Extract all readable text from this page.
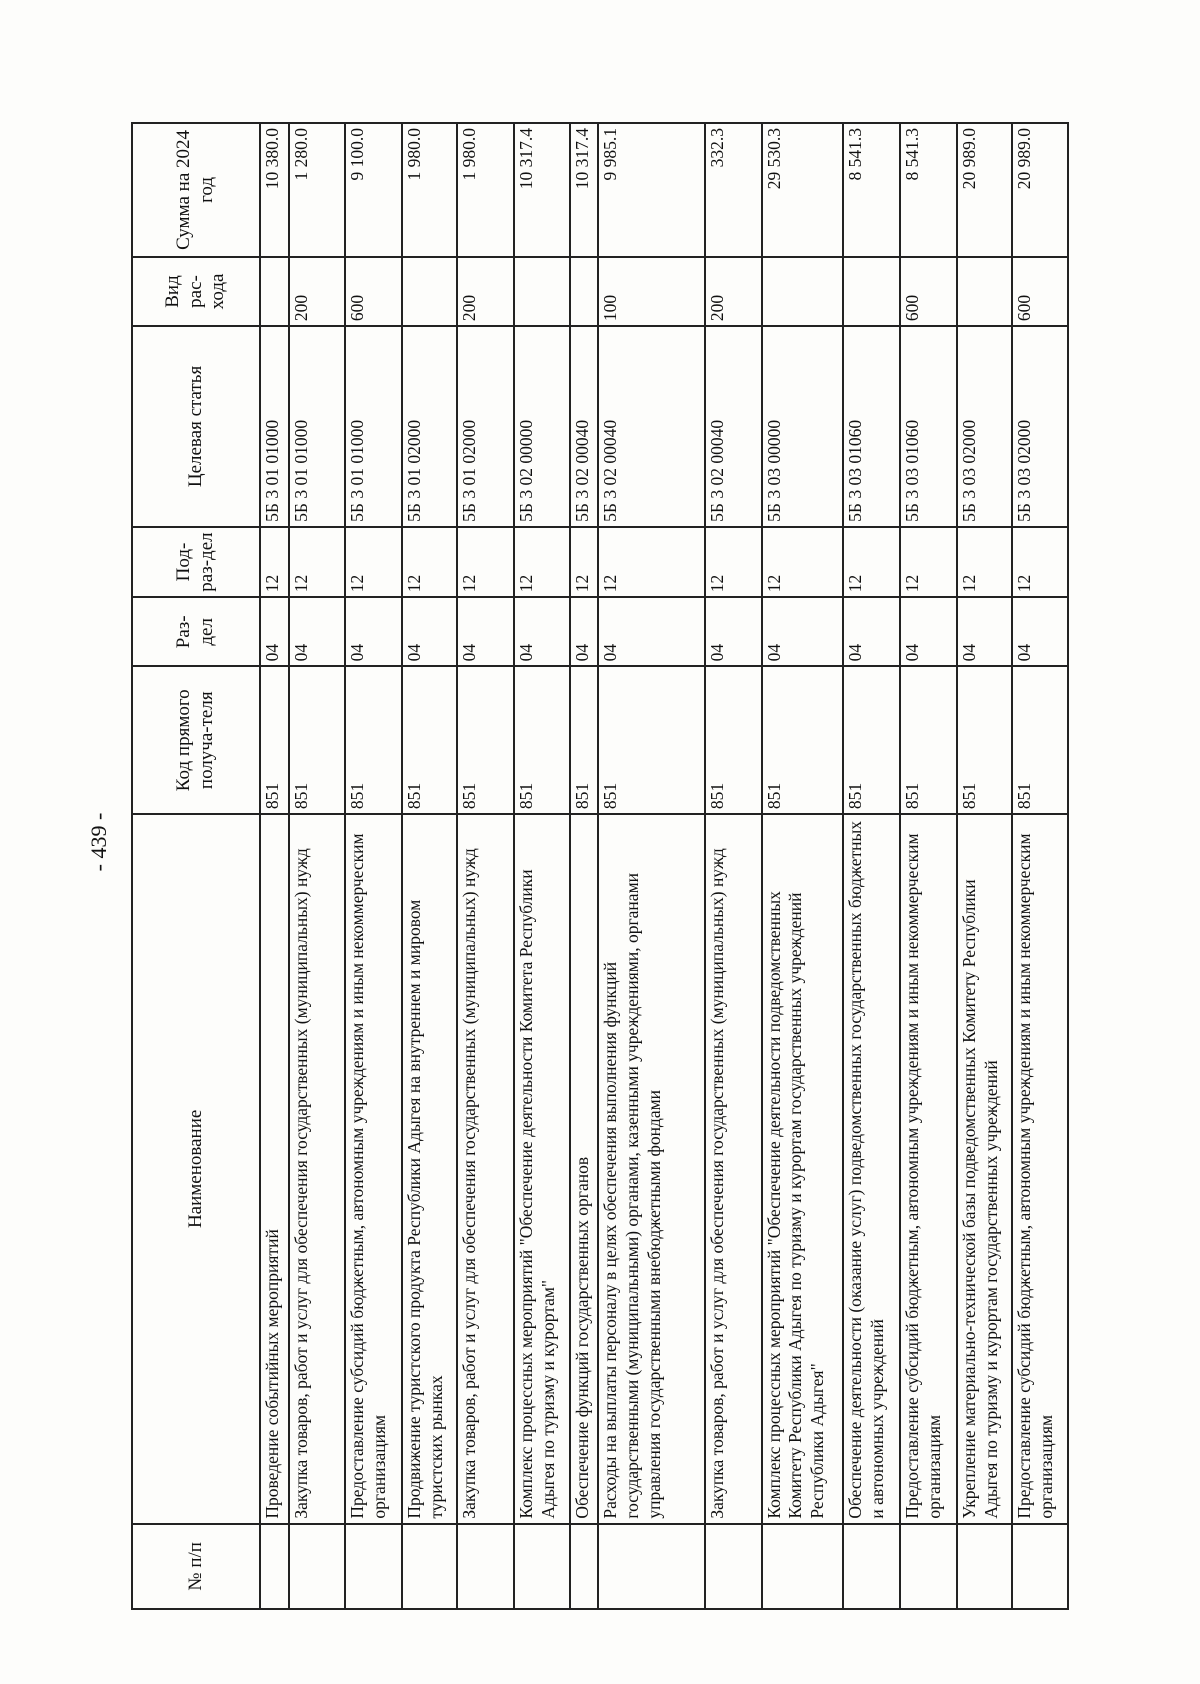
- 439 -
№ п/п	Наименование	Код прямого получа-теля	Раз-дел	Под-раз-дел	Целевая статья	Вид рас-хода	Сумма на 2024 год
	Проведение событийных мероприятий	851	04	12	5Б 3 01 01000		10 380.0
	Закупка товаров, работ и услуг для обеспечения государственных (муниципальных) нужд	851	04	12	5Б 3 01 01000	200	1 280.0
	Предоставление субсидий бюджетным, автономным учреждениям и иным некоммерческим организациям	851	04	12	5Б 3 01 01000	600	9 100.0
	Продвижение туристского продукта Республики Адыгея на внутреннем и мировом туристских рынках	851	04	12	5Б 3 01 02000		1 980.0
	Закупка товаров, работ и услуг для обеспечения государственных (муниципальных) нужд	851	04	12	5Б 3 01 02000	200	1 980.0
	Комплекс процессных мероприятий "Обеспечение деятельности Комитета Республики Адыгея по туризму и курортам"	851	04	12	5Б 3 02 00000		10 317.4
	Обеспечение функций государственных органов	851	04	12	5Б 3 02 00040		10 317.4
	Расходы на выплаты персоналу в целях обеспечения выполнения функций государственными (муниципальными) органами, казенными учреждениями, органами управления государственными внебюджетными фондами	851	04	12	5Б 3 02 00040	100	9 985.1
	Закупка товаров, работ и услуг для обеспечения государственных (муниципальных) нужд	851	04	12	5Б 3 02 00040	200	332.3
	Комплекс процессных мероприятий "Обеспечение деятельности подведомственных Комитету Республики Адыгея по туризму и курортам государственных учреждений Республики Адыгея"	851	04	12	5Б 3 03 00000		29 530.3
	Обеспечение деятельности (оказание услуг) подведомственных государственных бюджетных и автономных учреждений	851	04	12	5Б 3 03 01060		8 541.3
	Предоставление субсидий бюджетным, автономным учреждениям и иным некоммерческим организациям	851	04	12	5Б 3 03 01060	600	8 541.3
	Укрепление материально-технической базы подведомственных Комитету Республики Адыгея по туризму и курортам государственных учреждений	851	04	12	5Б 3 03 02000		20 989.0
	Предоставление субсидий бюджетным, автономным учреждениям и иным некоммерческим организациям	851	04	12	5Б 3 03 02000	600	20 989.0
